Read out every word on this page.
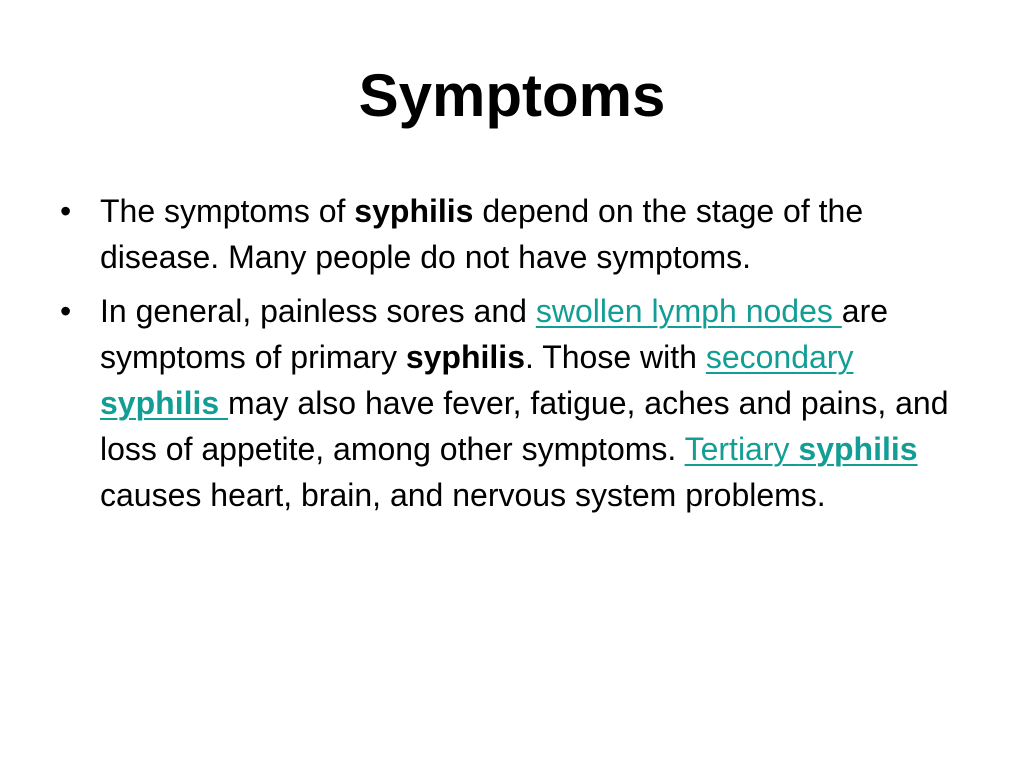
Symptoms
• The symptoms of syphilis depend on the stage of the disease. Many people do not have symptoms.
• In general, painless sores and swollen lymph nodes are symptoms of primary syphilis. Those with secondary syphilis may also have fever, fatigue, aches and pains, and loss of appetite, among other symptoms. Tertiary syphilis causes heart, brain, and nervous system problems.
